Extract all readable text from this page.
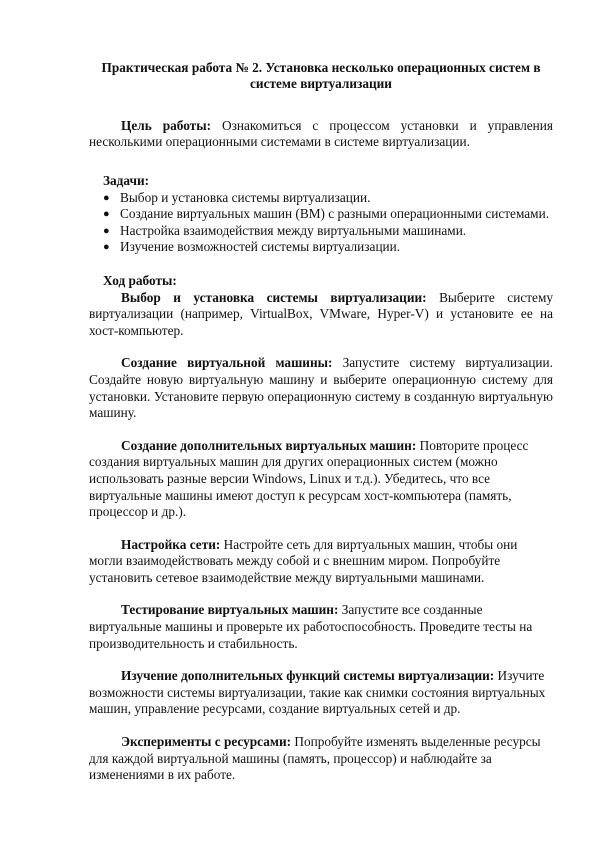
Практическая работа № 2. Установка несколько операционных систем в системе виртуализации

Цель работы: Ознакомиться с процессом установки и управления несколькими операционными системами в системе виртуализации.

Задачи:
● Выбор и установка системы виртуализации.
● Создание виртуальных машин (ВМ) с разными операционными системами.
● Настройка взаимодействия между виртуальными машинами.
● Изучение возможностей системы виртуализации.
Ход работы:

Выбор и установка системы виртуализации: Выберите систему виртуализации (например, VirtualBox, VMware, Hyper-V) и установите ее на хост-компьютер.

Создание виртуальной машины: Запустите систему виртуализации. Создайте новую виртуальную машину и выберите операционную систему для установки. Установите первую операционную систему в созданную виртуальную машину.

Создание дополнительных виртуальных машин: Повторите процесс создания виртуальных машин для других операционных систем (можно использовать разные версии Windows, Linux и т.д.). Убедитесь, что все виртуальные машины имеют доступ к ресурсам хост-компьютера (память, процессор и др.).

Настройка сети: Настройте сеть для виртуальных машин, чтобы они могли взаимодействовать между собой и с внешним миром. Попробуйте установить сетевое взаимодействие между виртуальными машинами.

Тестирование виртуальных машин: Запустите все созданные виртуальные машины и проверьте их работоспособность. Проведите тесты на производительность и стабильность.

Изучение дополнительных функций системы виртуализации: Изучите возможности системы виртуализации, такие как снимки состояния виртуальных машин, управление ресурсами, создание виртуальных сетей и др.

Эксперименты с ресурсами: Попробуйте изменять выделенные ресурсы для каждой виртуальной машины (память, процессор) и наблюдайте за изменениями в их работе.
